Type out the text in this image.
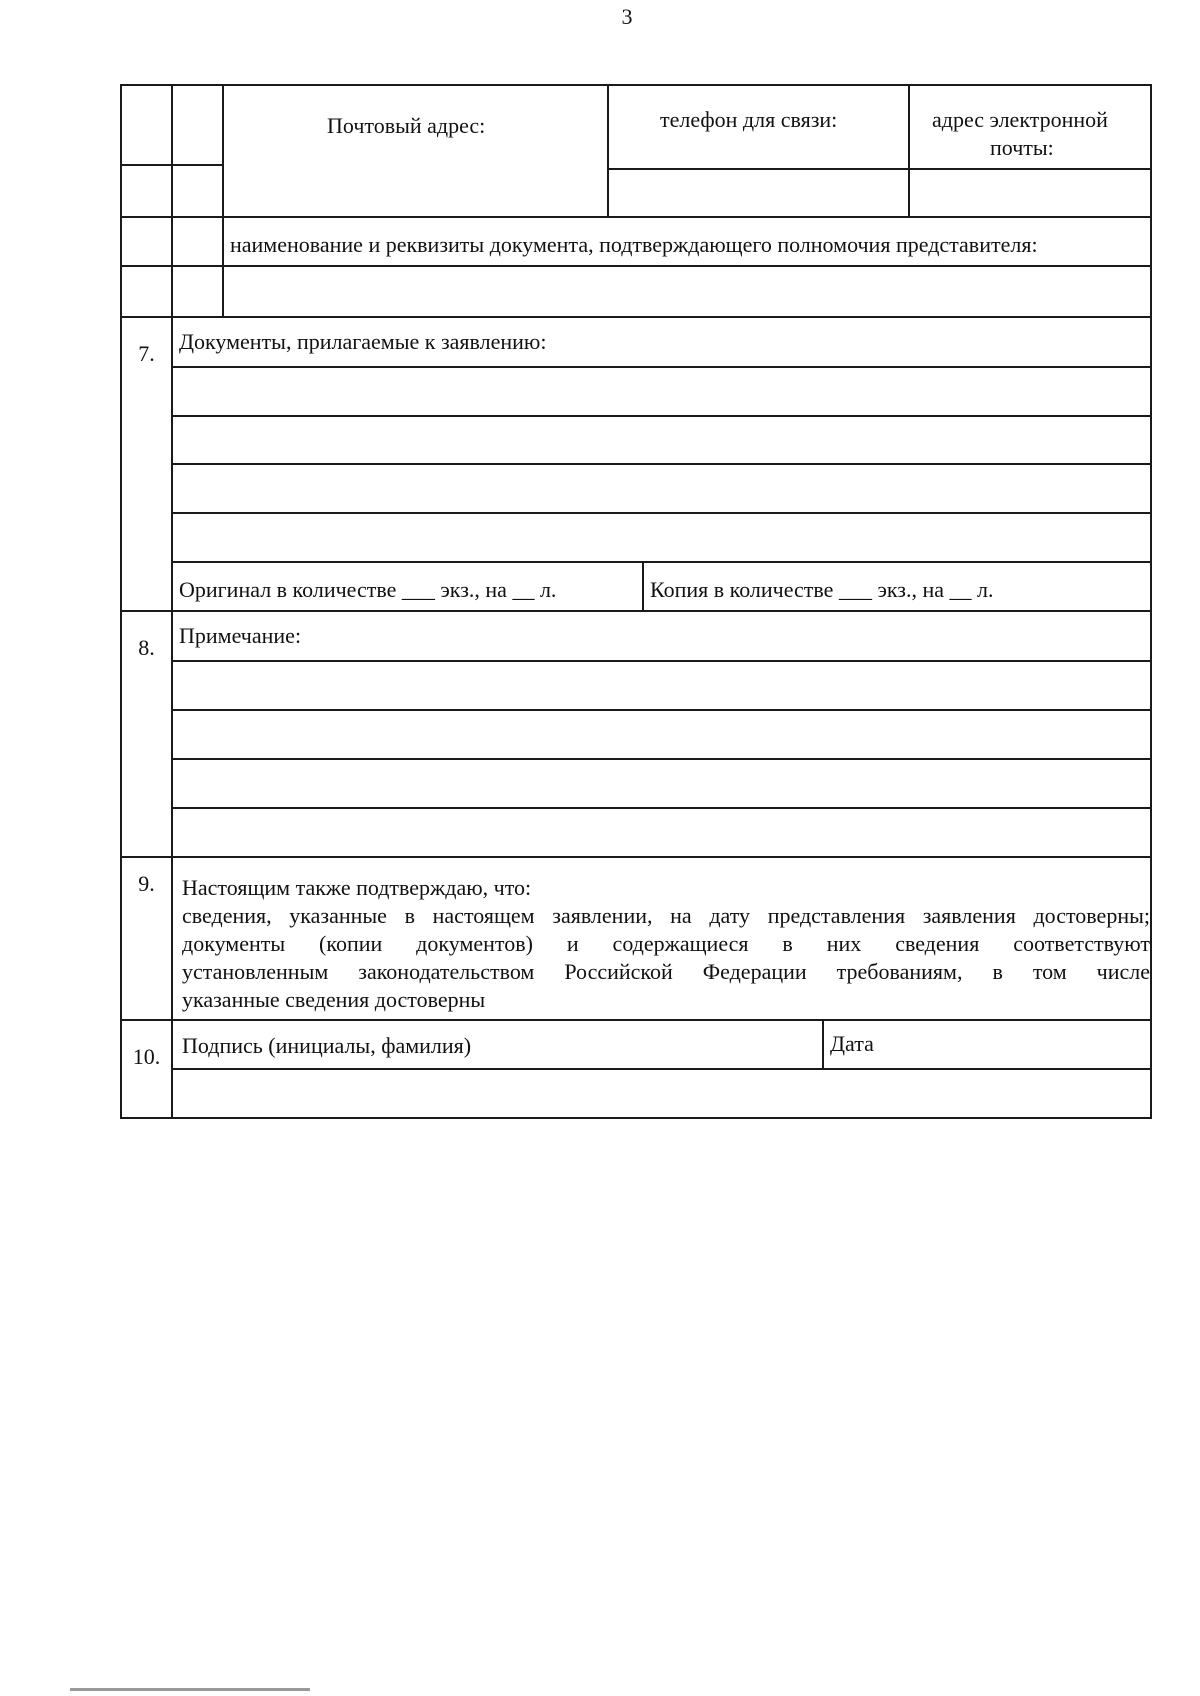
3
Почтовый адрес:	телефон для связи:	адрес электронной
почты:
наименование и реквизиты документа, подтверждающего полномочия представителя:
7.	Документы, прилагаемые к заявлению:
Оригинал в количестве ___ экз., на __ л.	Копия в количестве ___ экз., на __ л.
8.	Примечание:
9.	Настоящим также подтверждаю, что:
сведения, указанные в настоящем заявлении, на дату представления заявления достоверны;
документы (копии документов) и содержащиеся в них сведения соответствуют
установленным законодательством Российской Федерации требованиям, в том числе
указанные сведения достоверны
10. Подпись (инициалы, фамилия)	Дата
